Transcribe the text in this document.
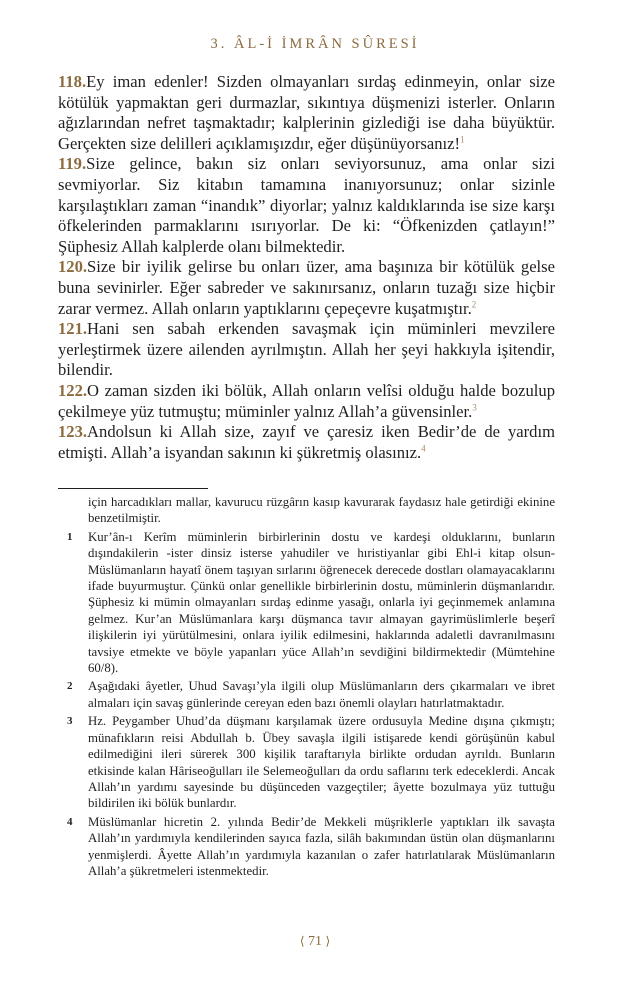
3. ÂL-İ İMRÂN SÛRESİ

118.Ey iman edenler! Sizden olmayanları sırdaş edinmeyin, onlar size kötülük yapmaktan geri durmazlar, sıkıntıya düşmenizi isterler. Onların ağızlarından nefret taşmaktadır; kalplerinin gizlediği ise daha büyüktür. Gerçekten size delilleri açıklamışızdır, eğer düşünüyorsanız!$^1$

119.Size gelince, bakın siz onları seviyorsunuz, ama onlar sizi sevmiyorlar. Siz kitabın tamamına inanıyorsunuz; onlar sizinle karşılaştıkları zaman “inandık” diyorlar; yalnız kaldıklarında ise size karşı öfkelerinden parmaklarını ısırıyorlar. De ki: “Öfkenizden çatlayın!” Şüphesiz Allah kalplerde olanı bilmektedir.

120.Size bir iyilik gelirse bu onları üzer, ama başınıza bir kötülük gelse buna sevinirler. Eğer sabreder ve sakınırsanız, onların tuzağı size hiçbir zarar vermez. Allah onların yaptıklarını çepeçevre kuşatmıştır.$^2$

121.Hani sen sabah erkenden savaşmak için müminleri mevzilere yerleştirmek üzere ailenden ayrılmıştın. Allah her şeyi hakkıyla işitendir, bilendir.

122.O zaman sizden iki bölük, Allah onların velîsi olduğu halde bozulup çekilmeye yüz tutmuştu; müminler yalnız Allah’a güvensinler.$^3$

123.Andolsun ki Allah size, zayıf ve çaresiz iken Bedir’de de yardım etmişti. Allah’a isyandan sakının ki şükretmiş olasınız.$^4$

için harcadıkları mallar, kavurucu rüzgârın kasıp kavurarak faydasız hale getirdiği ekinine benzetilmiştir.
1	Kur’ân-ı Kerîm müminlerin birbirlerinin dostu ve kardeşi olduklarını, bunların dışındakilerin -ister dinsiz isterse yahudiler ve hıristiyanlar gibi Ehl-i kitap olsun- Müslümanların hayatî önem taşıyan sırlarını öğrenecek derecede dostları olamayacaklarını ifade buyurmuştur. Çünkü onlar genellikle birbirlerinin dostu, müminlerin düşmanlarıdır. Şüphesiz ki mümin olmayanları sırdaş edinme yasağı, onlarla iyi geçinmemek anlamına gelmez. Kur’an Müslümanlara karşı düşmanca tavır almayan gayrimüslimlerle beşerî ilişkilerin iyi yürütülmesini, onlara iyilik edilmesini, haklarında adaletli davranılmasını tavsiye etmekte ve böyle yapanları yüce Allah’ın sevdiğini bildirmektedir (Mümtehine 60/8).
2	Aşağıdaki âyetler, Uhud Savaşı’yla ilgili olup Müslümanların ders çıkarmaları ve ibret almaları için savaş günlerinde cereyan eden bazı önemli olayları hatırlatmaktadır.
3	Hz. Peygamber Uhud’da düşmanı karşılamak üzere ordusuyla Medine dışına çıkmıştı; münafıkların reisi Abdullah b. Übey savaşla ilgili istişarede kendi görüşünün kabul edilmediğini ileri sürerek 300 kişilik taraftarıyla birlikte ordudan ayrıldı. Bunların etkisinde kalan Hâriseoğulları ile Selemeoğulları da ordu saflarını terk edeceklerdi. Ancak Allah’ın yardımı sayesinde bu düşünceden vazgeçtiler; âyette bozulmaya yüz tuttuğu bildirilen iki bölük bunlardır.
4	Müslümanlar hicretin 2. yılında Bedir’de Mekkeli müşriklerle yaptıkları ilk savaşta Allah’ın yardımıyla kendilerinden sayıca fazla, silâh bakımından üstün olan düşmanlarını yenmişlerdi. Âyette Allah’ın yardımıyla kazanılan o zafer hatırlatılarak Müslümanların Allah’a şükretmeleri istenmektedir.
⟨ 71 ⟩
